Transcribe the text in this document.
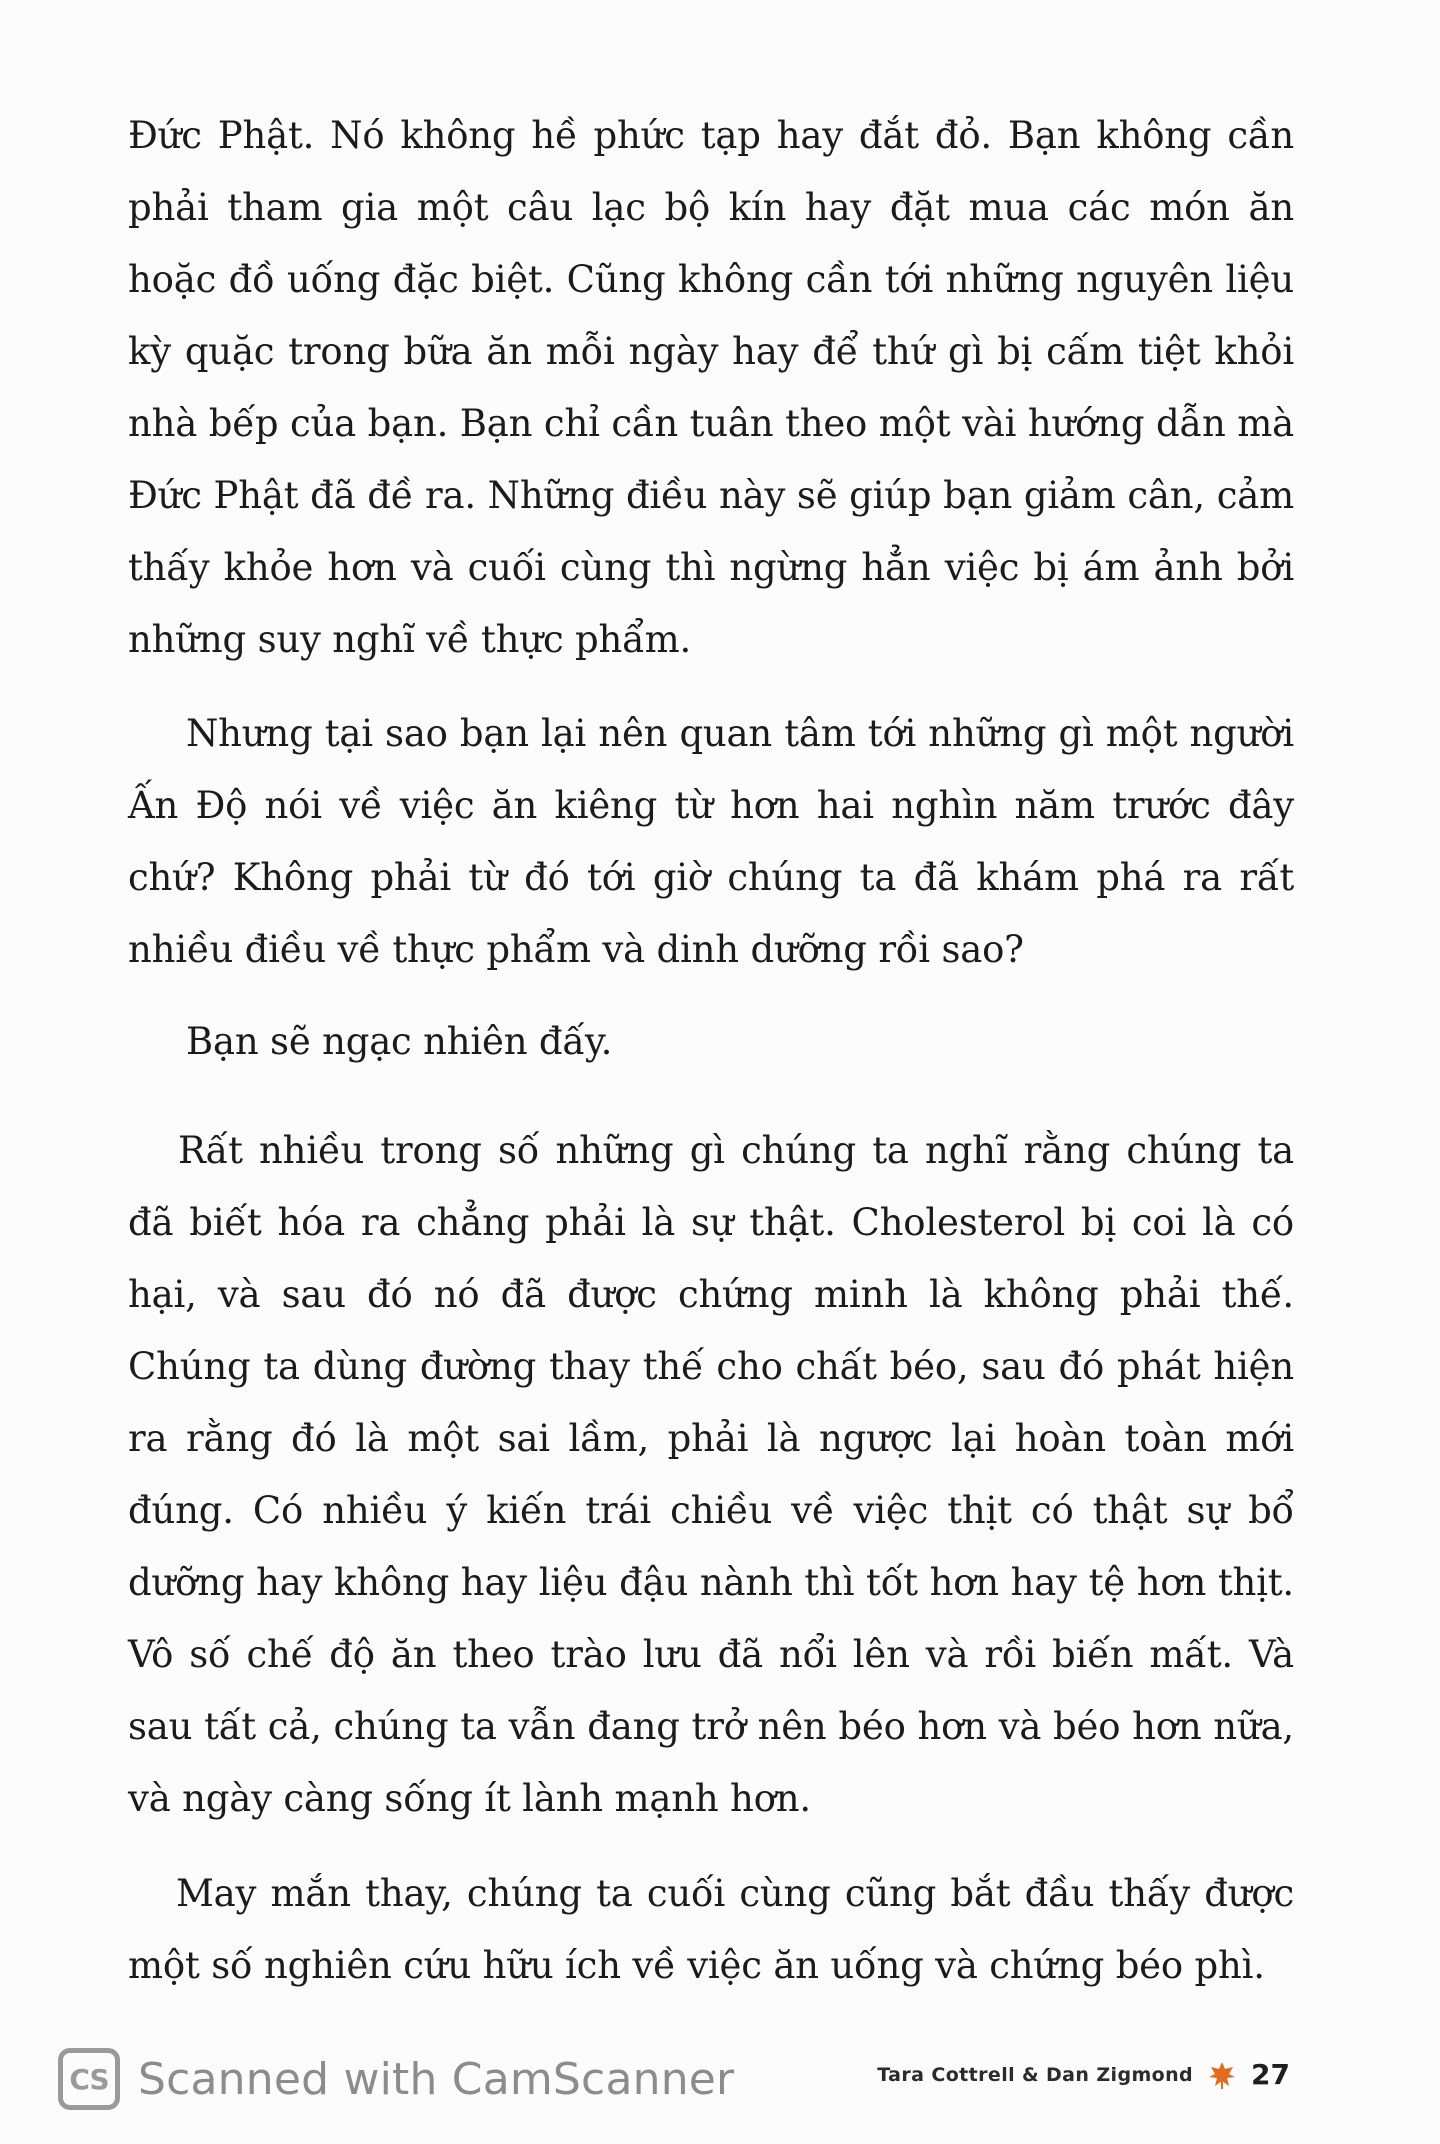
Đức Phật. Nó không hề phức tạp hay đắt đỏ. Bạn không cần phải tham gia một câu lạc bộ kín hay đặt mua các món ăn hoặc đồ uống đặc biệt. Cũng không cần tới những nguyên liệu kỳ quặc trong bữa ăn mỗi ngày hay để thứ gì bị cấm tiệt khỏi nhà bếp của bạn. Bạn chỉ cần tuân theo một vài hướng dẫn mà Đức Phật đã đề ra. Những điều này sẽ giúp bạn giảm cân, cảm thấy khỏe hơn và cuối cùng thì ngừng hẳn việc bị ám ảnh bởi những suy nghĩ về thực phẩm.

Nhưng tại sao bạn lại nên quan tâm tới những gì một người Ấn Độ nói về việc ăn kiêng từ hơn hai nghìn năm trước đây chứ? Không phải từ đó tới giờ chúng ta đã khám phá ra rất nhiều điều về thực phẩm và dinh dưỡng rồi sao?

Bạn sẽ ngạc nhiên đấy.

Rất nhiều trong số những gì chúng ta nghĩ rằng chúng ta đã biết hóa ra chẳng phải là sự thật. Cholesterol bị coi là có hại, và sau đó nó đã được chứng minh là không phải thế. Chúng ta dùng đường thay thế cho chất béo, sau đó phát hiện ra rằng đó là một sai lầm, phải là ngược lại hoàn toàn mới đúng. Có nhiều ý kiến trái chiều về việc thịt có thật sự bổ dưỡng hay không hay liệu đậu nành thì tốt hơn hay tệ hơn thịt. Vô số chế độ ăn theo trào lưu đã nổi lên và rồi biến mất. Và sau tất cả, chúng ta vẫn đang trở nên béo hơn và béo hơn nữa, và ngày càng sống ít lành mạnh hơn.

May mắn thay, chúng ta cuối cùng cũng bắt đầu thấy được một số nghiên cứu hữu ích về việc ăn uống và chứng béo phì.

CS Scanned with CamScanner	Tara Cottrell & Dan Zigmond 27
